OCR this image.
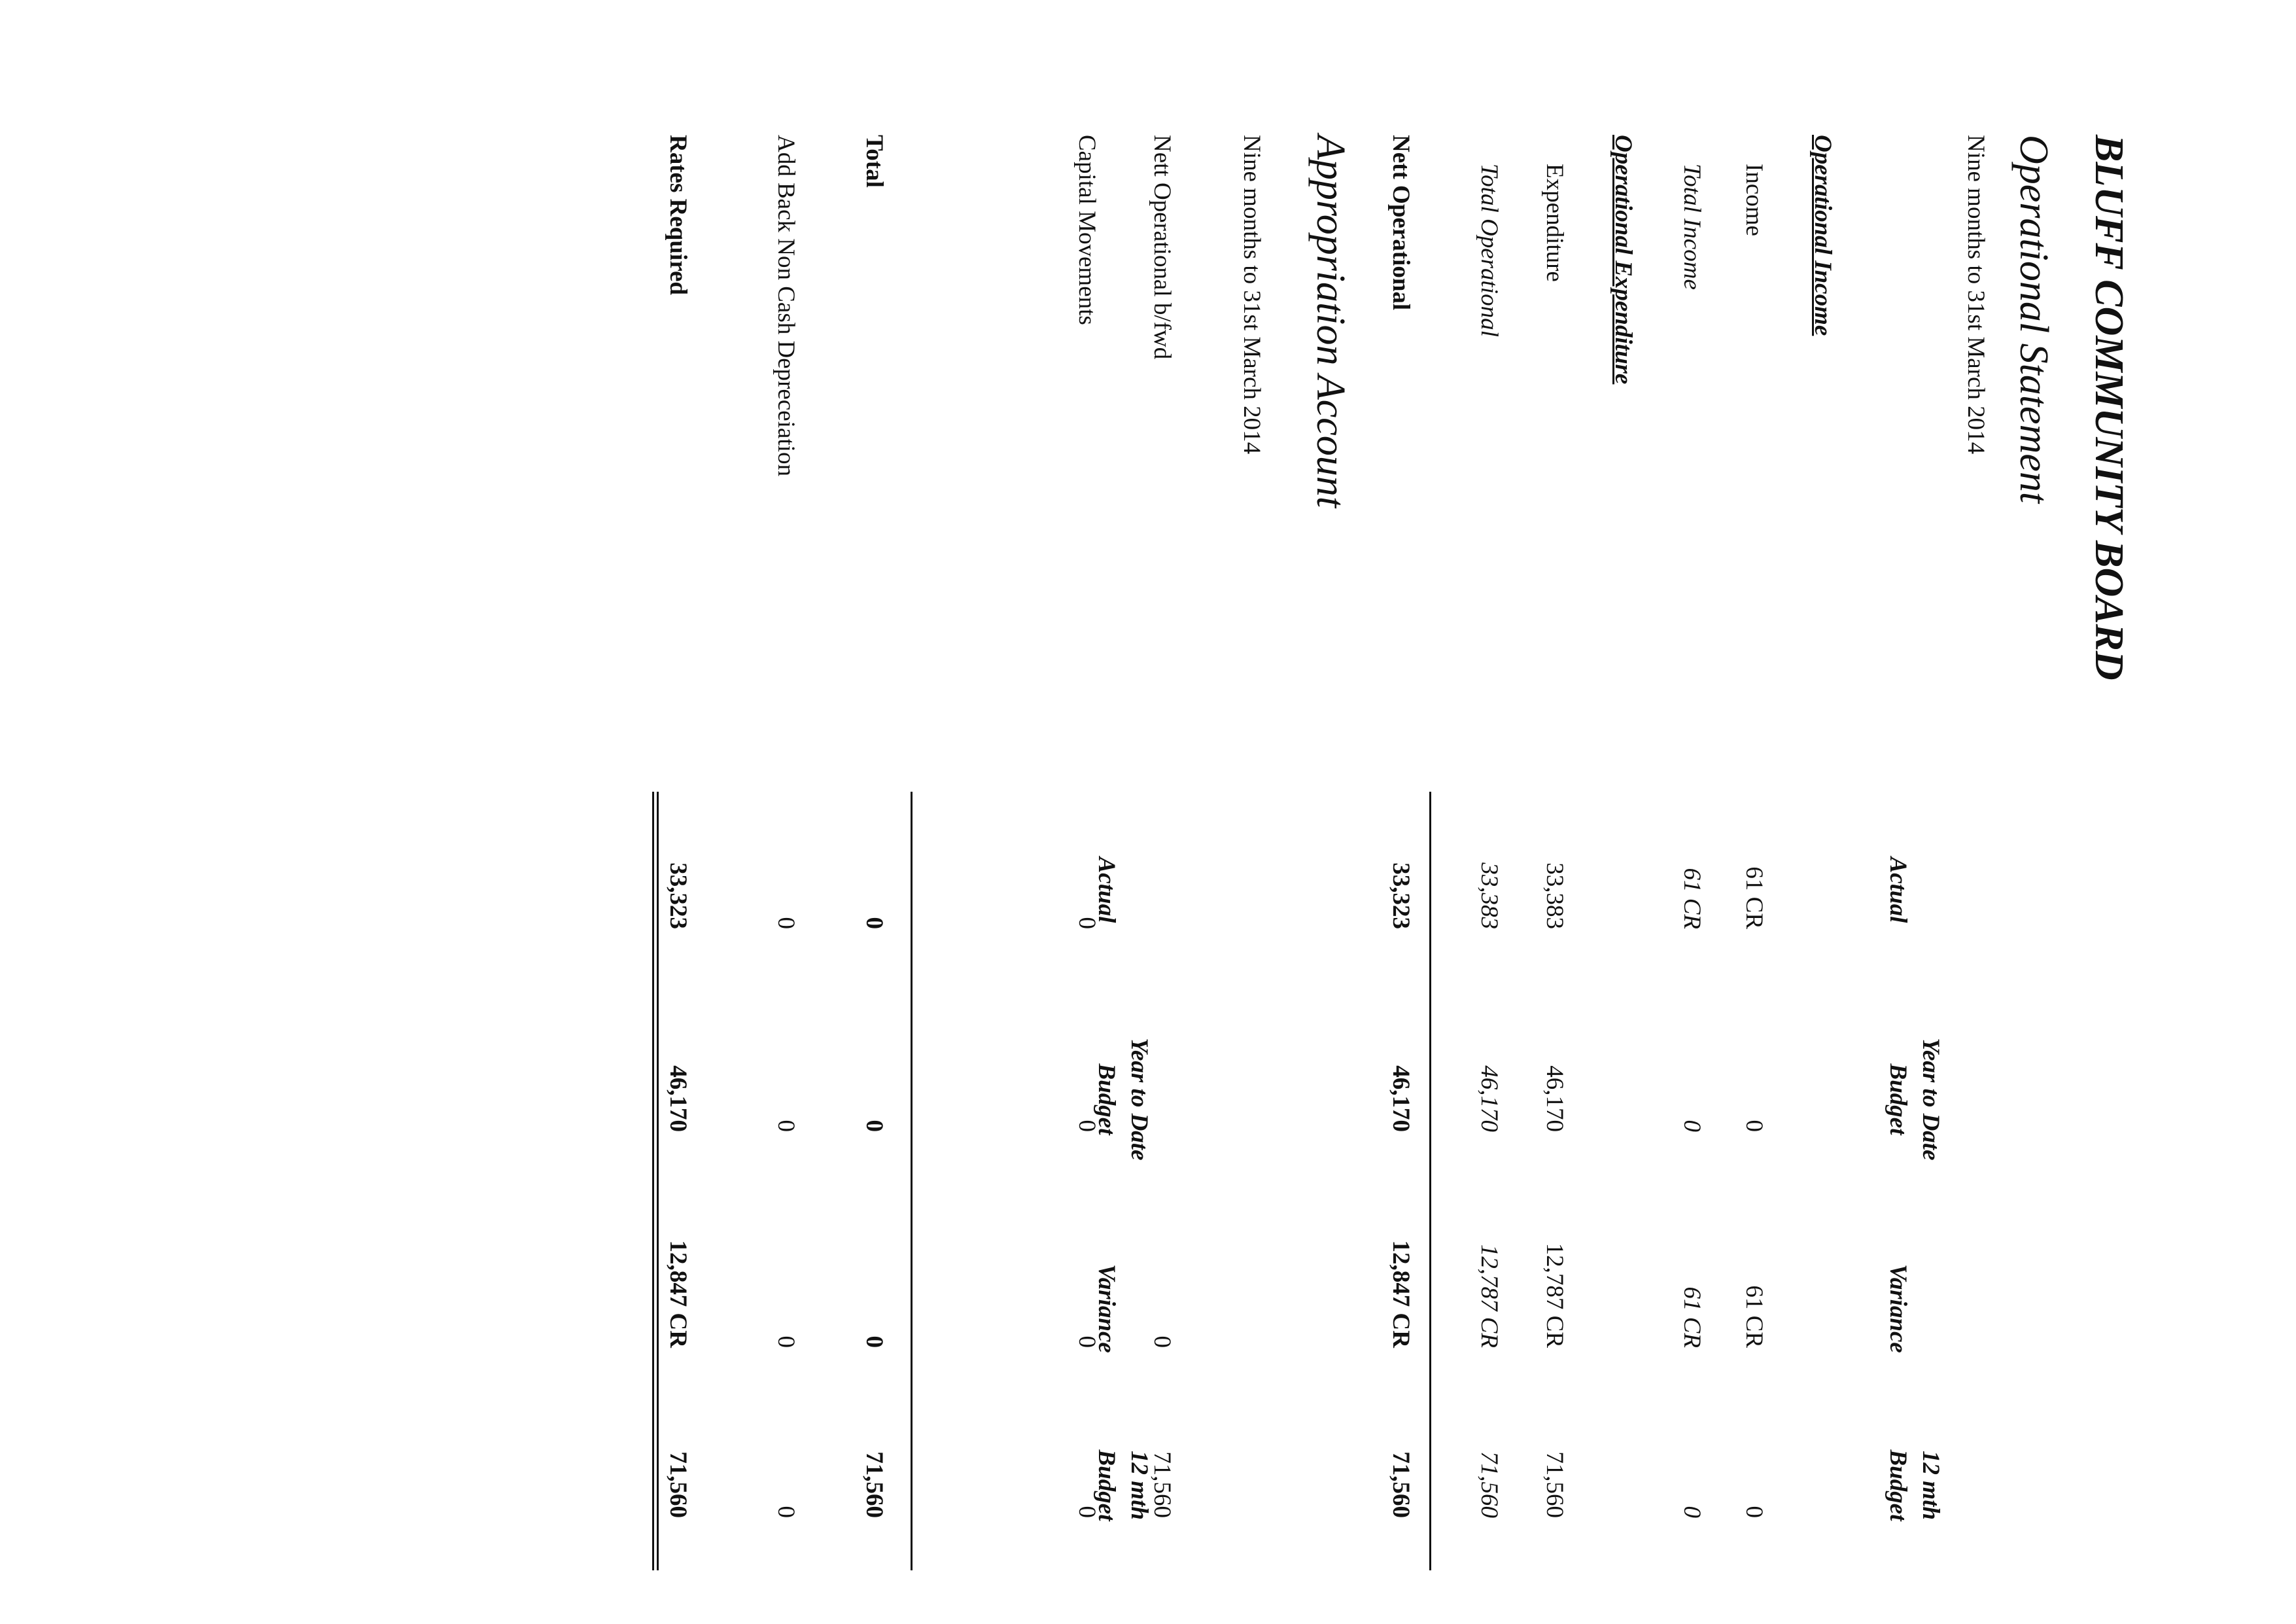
BLUFF COMMUNITY BOARD
Operational Statement
Nine months to 31st March 2014
Actual
Year to Date
Budget
Variance
12 mth
Budget
Operational Income
Income
61 CR
0
61 CR
0
Total Income
61 CR
0
61 CR
0
Operational Expenditure
Expenditure
33,383
46,170
12,787 CR
71,560
Total Operational
33,383
46,170
12,787 CR
71,560
Nett Operational
33,323
46,170
12,847 CR
71,560
Appropriation Account
Nine months to 31st March 2014
Actual
Year to Date
Budget
Variance
12 mth
Budget
Nett Operational b/fwd
0
71,560
Capital Movements
0
0
0
0
Total
0
0
0
71,560
Add Back Non Cash Depreceiation
0
0
0
0
Rates Required
33,323
46,170
12,847 CR
71,560
